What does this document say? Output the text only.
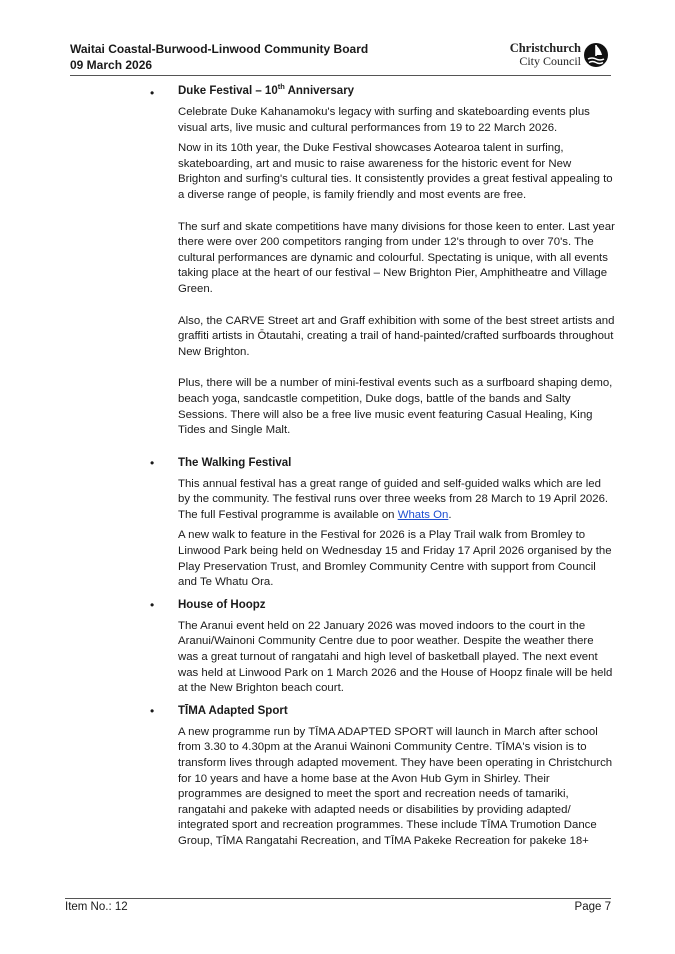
Waitai Coastal-Burwood-Linwood Community Board
09 March 2026
Christchurch
City Council
• Duke Festival – 10th Anniversary

Celebrate Duke Kahanamoku's legacy with surfing and skateboarding events plus visual arts, live music and cultural performances from 19 to 22 March 2026.

Now in its 10th year, the Duke Festival showcases Aotearoa talent in surfing, skateboarding, art and music to raise awareness for the historic event for New Brighton and surfing's cultural ties. It consistently provides a great festival appealing to a diverse range of people, is family friendly and most events are free.

The surf and skate competitions have many divisions for those keen to enter. Last year there were over 200 competitors ranging from under 12's through to over 70's. The cultural performances are dynamic and colourful. Spectating is unique, with all events taking place at the heart of our festival – New Brighton Pier, Amphitheatre and Village Green.

Also, the CARVE Street art and Graff exhibition with some of the best street artists and graffiti artists in Ōtautahi, creating a trail of hand-painted/crafted surfboards throughout New Brighton.

Plus, there will be a number of mini-festival events such as a surfboard shaping demo, beach yoga, sandcastle competition, Duke dogs, battle of the bands and Salty Sessions. There will also be a free live music event featuring Casual Healing, King Tides and Single Malt.

• The Walking Festival

This annual festival has a great range of guided and self-guided walks which are led by the community. The festival runs over three weeks from 28 March to 19 April 2026. The full Festival programme is available on Whats On.

A new walk to feature in the Festival for 2026 is a Play Trail walk from Bromley to Linwood Park being held on Wednesday 15 and Friday 17 April 2026 organised by the Play Preservation Trust, and Bromley Community Centre with support from Council and Te Whatu Ora.

• House of Hoopz

The Aranui event held on 22 January 2026 was moved indoors to the court in the Aranui/Wainoni Community Centre due to poor weather. Despite the weather there was a great turnout of rangatahi and high level of basketball played. The next event was held at Linwood Park on 1 March 2026 and the House of Hoopz finale will be held at the New Brighton beach court.

• TĪMA Adapted Sport

A new programme run by TĪMA ADAPTED SPORT will launch in March after school from 3.30 to 4.30pm at the Aranui Wainoni Community Centre. TĪMA's vision is to transform lives through adapted movement. They have been operating in Christchurch for 10 years and have a home base at the Avon Hub Gym in Shirley. Their programmes are designed to meet the sport and recreation needs of tamariki, rangatahi and pakeke with adapted needs or disabilities by providing adapted/ integrated sport and recreation programmes. These include TĪMA Trumotion Dance Group, TĪMA Rangatahi Recreation, and TĪMA Pakeke Recreation for pakeke 18+

Item No.: 12	Page 7
